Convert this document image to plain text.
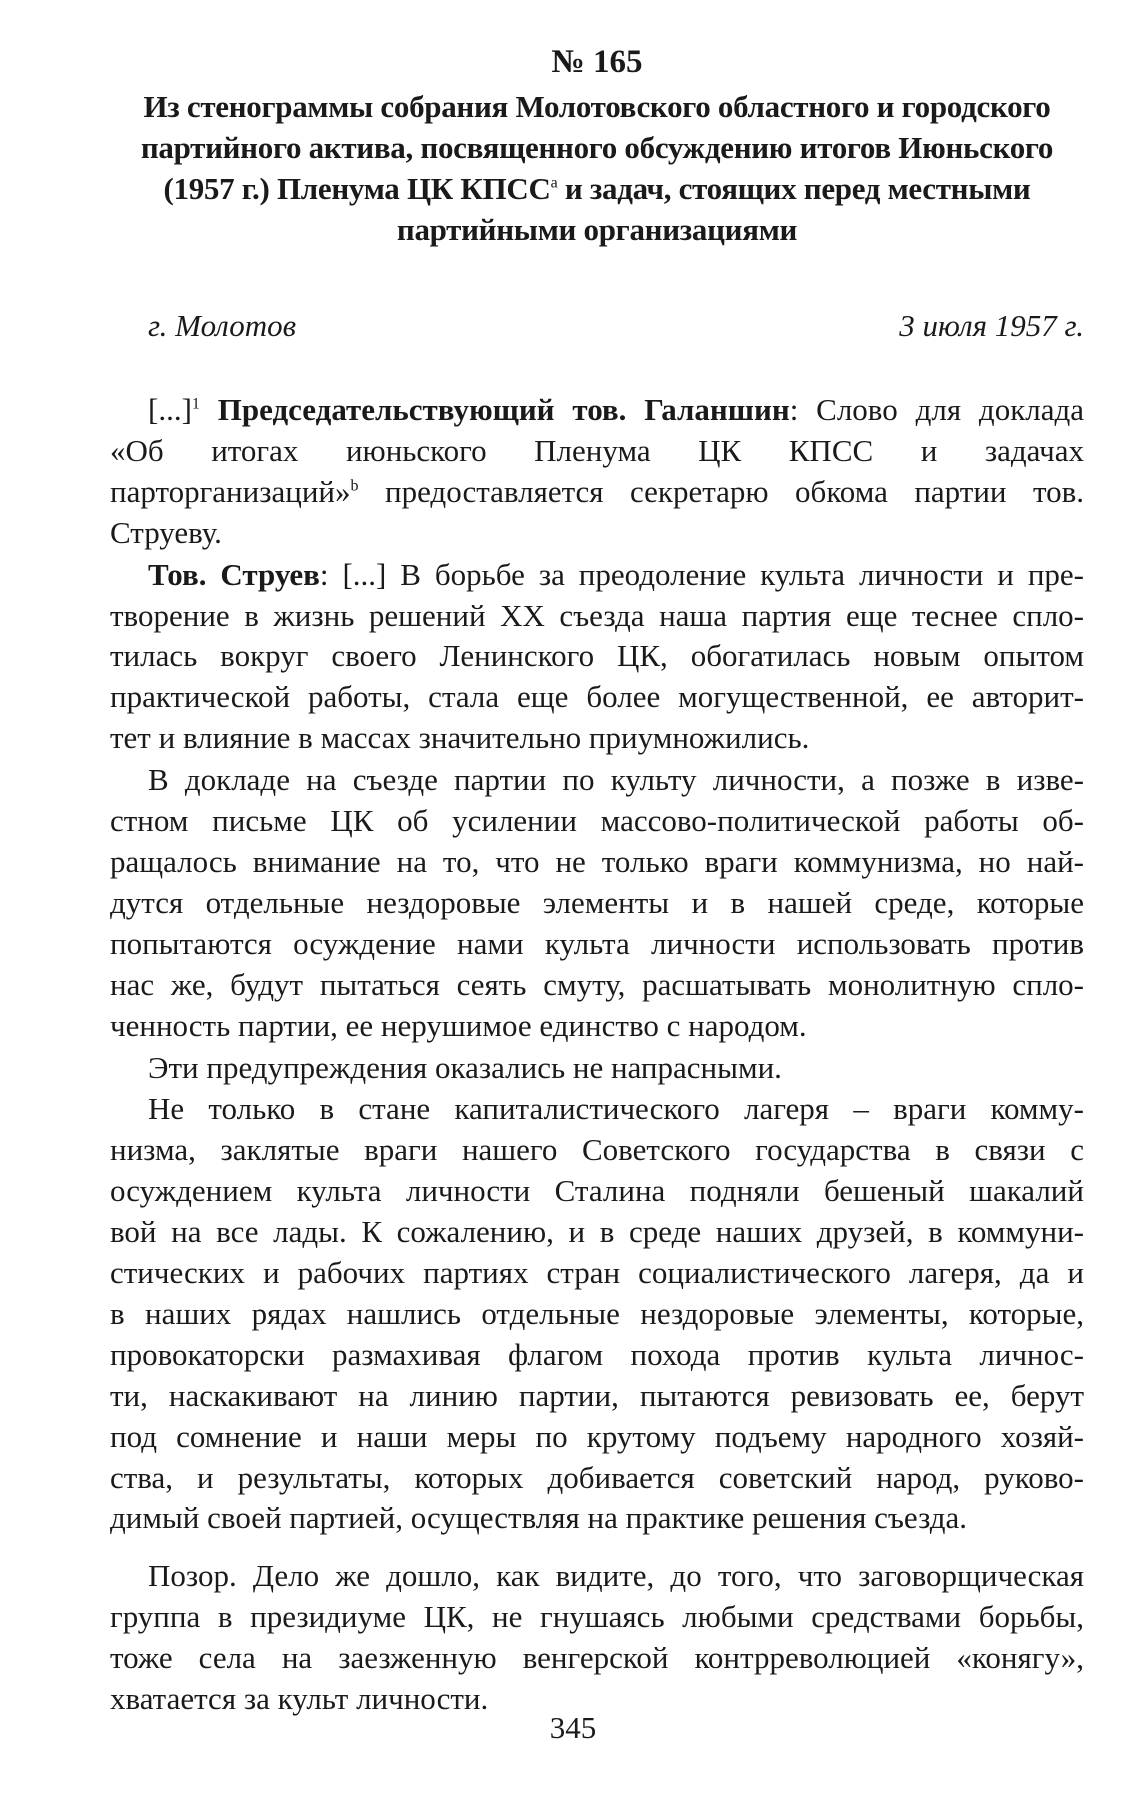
№ 165
Из стенограммы собрания Молотовского областного и городского
партийного актива, посвященного обсуждению итогов Июньского
(1957 г.) Пленума ЦК КПСС$^a$ и задач, стоящих перед местными
партийными организациями
г. Молотов	3 июля 1957 г.

[...]$^1$ Председательствующий тов. Галаншин: Слово для доклада
«Об итогах июньского Пленума ЦК КПСС и задачах
парторганизаций»$^b$ предоставляется секретарю обкома партии тов.
Струеву.

Тов. Струев: [...] В борьбе за преодоление культа личности и пре-
творение в жизнь решений XX съезда наша партия еще теснее спло-
тилась вокруг своего Ленинского ЦК, обогатилась новым опытом
практической работы, стала еще более могущественной, ее авторит-
тет и влияние в массах значительно приумножились.

В докладе на съезде партии по культу личности, а позже в изве-
стном письме ЦК об усилении массово-политической работы об-
ращалось внимание на то, что не только враги коммунизма, но най-
дутся отдельные нездоровые элементы и в нашей среде, которые
попытаются осуждение нами культа личности использовать против
нас же, будут пытаться сеять смуту, расшатывать монолитную спло-
ченность партии, ее нерушимое единство с народом.

Эти предупреждения оказались не напрасными.

Не только в стане капиталистического лагеря – враги комму-
низма, заклятые враги нашего Советского государства в связи с
осуждением культа личности Сталина подняли бешеный шакалий
вой на все лады. К сожалению, и в среде наших друзей, в коммуни-
стических и рабочих партиях стран социалистического лагеря, да и
в наших рядах нашлись отдельные нездоровые элементы, которые,
провокаторски размахивая флагом похода против культа личнос-
ти, наскакивают на линию партии, пытаются ревизовать ее, берут
под сомнение и наши меры по крутому подъему народного хозяй-
ства, и результаты, которых добивается советский народ, руково-
димый своей партией, осуществляя на практике решения съезда.

Позор. Дело же дошло, как видите, до того, что заговорщическая
группа в президиуме ЦК, не гнушаясь любыми средствами борьбы,
тоже села на заезженную венгерской контрреволюцией «конягу»,
хватается за культ личности.

345
